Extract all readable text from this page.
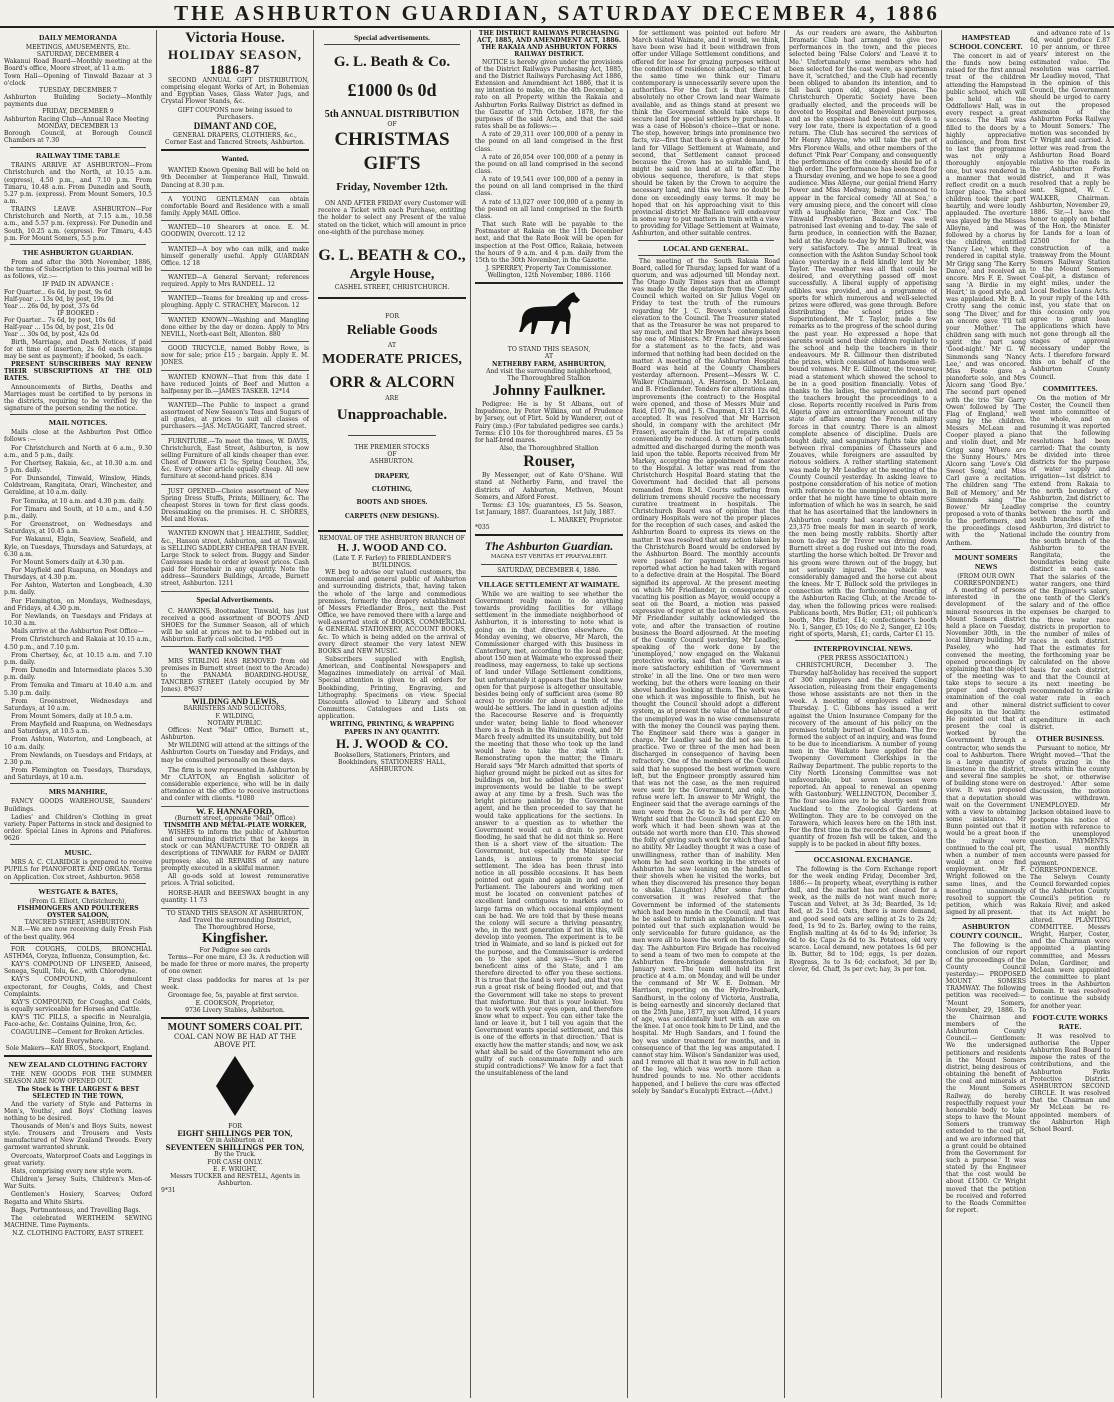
THE ASHBURTON GUARDIAN, SATURDAY DECEMBER 4, 1886
DAILY MEMORANDA
MEETINGS, AMUSEMENTS, Etc.
SATURDAY, DECEMBER 4
Wakanui Road Board—Monthly meeting at the Board's office, Moore street, at 11 a.m.
Town Hall—Opening of Tinwald Bazaar at 3 o'clock
TUESDAY, DECEMBER 7
Ashburton Building Society—Monthly payments due
FRIDAY, DECEMBER 9
Ashburton Racing Club—Annual Race Meeting
MONDAY, DECEMBER 13
Borough Council, at Borough Council Chambers at 7.30
RAILWAY TIME TABLE

TRAINS ARRIVE AT ASHBURTON—From Christchurch and the North, at 10.15 a.m. (express), 4.50 p.m., and 7.10 p.m. From Timaru, 10.48 a.m. From Dunedin and South, 5.27 p.m. (express). From Mount Somers, 10.5 a.m.

TRAINS LEAVE ASHBURTON—For Christchurch and North, at 7.15 a.m., 10.58 a.m., and 5.57 p.m. (express). For Dunedin and South, 10.25 a.m. (express). For Timaru, 4.45 p.m. For Mount Somers, 5.5 p.m.

THE ASHBURTON GUARDIAN.

From and after the 30th November, 1886, the terms of Subscription to this journal will be as follows, viz.:—

IF PAID IN ADVANCE :
For Quarter... 6s 6d, by post, 9s 6d
Half-year ... 13s 0d, by post, 19s 0d
Year ... 26s 0d, by post, 37s 6d
IF BOOKED :
For Quarter... 7s 6d, by post, 10s 6d
Half-year ... 15s 0d, by post, 21s 0d
Year ... 30s 0d, by post, 42s 0d

Birth, Marriage, and Death Notices, if paid for at time of insertion, 2s 6d each (stamps may be sent as payment); if booked, 5s each.

PRESENT SUBSCRIBERS MAY RENEW THEIR SUBSCRIPTIONS AT THE OLD RATES.

Announcements of Births, Deaths and Marriages must be certified to by persons in the districts, requiring to be verified by the signature of the person sending the notice.

MAIL NOTICES.

Mails close at the Ashburton Post Office follows :—

For Christchurch and North at 6 a.m., 9.30 a.m., and 5 p.m., daily.

For Chertsey, Rakaia, &c., at 10.30 a.m. and 5 p.m. daily.

For Dunsandel, Tinwald, Winslow, Hinds, Coldstream, Rangitata, Orari, Winchester, and Geraldine, at 10 a.m. daily.

For Temuka, at 10 a.m. and 4.30 p.m. daily.

For Timaru and South, at 10 a.m., and 4.50 p.m., daily.

For Greenstreet, on Wednesdays and Saturdays, at 10.45 a.m.

For Wakanui, Elgin, Seaview, Seafield, and Kyle, on Tuesdays, Thursdays and Saturdays, at 6.30 a.m.

For Mount Somers daily at 4.30 p.m.

For Mayfield and Ruapuna, on Mondays and Thursdays, at 4.30 p.m.

For Ashton, Waterton and Longbeach, 4.30 p.m. daily.

For Flemington, on Mondays, Wednesdays, and Fridays, at 4.30 p.m.

For Newlands, on Tuesdays and Fridays at 10.30 a.m.

Mails arrive at the Ashburton Post Office—

From Christchurch and Rakaia at 10.15 a.m., 4.50 p.m., and 7.10 p.m.

From Chertsey, &c, at 10.15 a.m. and 7.10 p.m. daily.

From Dunedin and Intermediate places 5.30 p.m. daily.

From Temuka and Timaru at 10.40 a.m. and 5.30 p.m. daily.

From Greenstreet, Wednesdays and Saturdays, at 10 a.m.

From Mount Somers, daily at 10.5 a.m.

From Mayfield and Ruapuna, on Wednesdays and Saturdays, at 10.5 a.m.

From Ashton, Waterton, and Longbeach, at 10 a.m. daily.

From Newlands, on Tuesdays and Fridays, at 2.30 p.m.

From Flemington on Tuesdays, Thursdays, and Saturdays, at 10 a.m.

MRS MANHIRE,

FANCY GOODS WAREHOUSE, Saunders' Buildings.

Ladies' and Children's Clothing in great variety. Paper Patterns in stock and designed to order. Special Lines in Aprons and Pinafores. 9626

MUSIC.

MRS A. C. CLARIDGE is prepared to receive PUPILS for PIANOFORTE AND ORGAN. Terms on Application. Cox street, Ashburton. 9658

WESTGATE & BATES,
(From G. Elliott, Christchurch),
FISHMONGERS AND POULTERERS OYSTER SALOON,
TANCRED STREET, ASHBURTON.

N.B.—We are now receiving daily Fresh Fish of the best quality. 964

FOR COUGHS, COLDS, BRONCHIAL ASTHMA, Coryza, Influenza, Consumption, &c.

KAY'S COMPOUND OF LINSEED, Aniseed, Senega, Squill, Tolu, &c., with Chlorodyne.

KAY'S COMPOUND, a demulcent expectorant, for Coughs, Colds, and Chest Complaints.

KAY'S COMPOUND, for Coughs, and Colds, is equally serviceable for Horses and Cattle.

KAY'S TIC PILLS, a specific in Neuralgia, Face-ache, &c. Contains Quinine, Iron, &c.

COAGULINE—Cement for Broken Articles.

Sold Everywhere.
Sole Makers—KAY BROS., Stockport, England.
NEW ZEALAND CLOTHING FACTORY

THE NEW GOODS FOR THE SUMMER SEASON ARE NOW OPENED OUT.

The Stock is THE LARGEST & BEST SELECTED IN THE TOWN,

And the variety of Style and Patterns in Men's, Youths', and Boys' Clothing leaves nothing to be desired.

Thousands of Men's and Boys Suits, newest style. Trousers and Trousers and Vests manufactured of New Zealand Tweeds. Every garment warranted shrunk.

Overcoats, Waterproof Coats and Leggings in great variety.

Hats, comprising every new style worn.

Children's Jersey Suits, Children's Men-of-War Suits.

Gentlemen's Hosiery, Scarves; Oxford Regatta and White Shirts.

Bags, Portmanteaus, and Travelling Bags.

The celebrated WERTHEIM SEWING MACHINE. Time Payments.

N.Z. CLOTHING FACTORY, EAST STREET.
Victoria House.
HOLIDAY SEASON, 1886-87

SECOND ANNUAL GIFT DISTRIBUTION, comprising elegant Works of Art, in Bohemian and Egyptian Vases, Glass Water Jugs, and Crystal Flower Stands, &c.

GIFT COUPONS now being issued to Purchasers.
DIMANT AND COE,
GENERAL DRAPERS, CLOTHIERS, &c.,
Corner East and Tancred Streets, Ashburton.
Wanted.

WANTED Known Opening Ball will be held on 9th December at Temperance Hall, Tinwald. Dancing at 8.30 p.m.

A YOUNG GENTLEMAN can obtain comfortable Board and Residence with a small family. Apply MAIL Office.

WANTED—10 Shearers at once. E. M. GOODWIN, Overcott. 12 12

WANTED—A boy who can milk, and make himself generally useful. Apply GUARDIAN Office. 12 18

WANTED—A General Servant; references required. Apply to Mrs RANDELL. 12

WANTED—Teams for breaking up and cross-ploughing. Apply C. STRACHEY, Marecon. 12

WANTED KNOWN—Washing and Mangling done either by the day or dozen. Apply to Mrs NEVILL, North-east Belt, Allenton. 880

GOOD TRICYCLE, named Bobby Rowe, is now for sale; price £15 ; bargain. Apply E. M. JONES.

WANTED KNOWN—That from this date I have reduced Joints of Beef and Mutton a halfpenny per lb.—JAMES TASKER. 12*14

WANTED—The Public to inspect a grand assortment of New Season's Teas and Sugars of all grades, at prices to suit all classes of purchasers.—JAS. McTAGGART, Tancred street.

FURNITURE.—To meet the times, W. DAVIS, Christchurch, East Street, Ashburton, is now selling Furniture of all kinds cheaper than ever. Chest of Drawers £1 5s; Spring Couches, 35s, &c. Every other article equally cheap. All new furniture at second-hand prices. 834

JUST OPENED—Choice assortment of New Spring Dress Stuffs, Prints, Millinery, &c. The cheapest Stores in town for first class goods. Dressmaking on the premises. H. C. SHORES, Mel and Hovas.

WANTED KNOWN that J. HEALTHIE, Saddler, &c., Hanson street, Ashburton, and at Tinwald, is SELLING SADDLERY CHEAPER THAN EVER. Large Stock to select from. Buggy and Sinder Canvasses made to order at lowest prices. Cash paid for Horsehair in any quantity. Note the address—Saunders Buildings, Arcade, Burnett street, Ashburton. 1211

Special Advertisements.

C. HAWKINS, Bootmaker, Tinwald, has just received a good assortment of BOOTS AND SHOES for the Summer Season, all of which will be sold at prices not to be rubbed out in Ashburton. Early call solicited. 1*95

WANTED KNOWN THAT

MRS STIRLING HAS REMOVED from old premises in Burnett street (next to the Arcade) to the PANAMA BOARDING-HOUSE, TANCRED STREET (Lately occupied by Mr Jones). 8*637

WILDING AND LEWIS,
BARRISTERS AND SOLICITORS,
F. WILDING,
NOTARY PUBLIC.

Offices: Next "Mail" Office, Burnett st., Ashburton.

Mr WILDING will attend at the sittings of the Ashburton Courts on Tuesday and Fridays, and may be consulted personally on these days.

The firm is now represented in Ashburton by Mr CLAYTON, an English solicitor of considerable experience, who will be in daily attendance at the office to receive instructions and confer with clients. *1080

W. F. HANNAFORD,
(Burnett street, opposite "Mail" Office)
TINSMITH AND METAL-PLATE WORKER,

WISHES to inform the public of Ashburton and surrounding districts that he keeps in stock or can MANUFACTURE TO ORDER all descriptions of TINWARE for FARM or DAIRY purposes; also, all REPAIRS of any nature promptly executed in a skilful manner.

All go-ods sold at lowest remunerative prices. A Trial solicited.

HORSE-HAIR and BEESWAX bought in any quantity. 11 73

TO STAND THIS SEASON AT ASHBURTON,
And Travel the surrounding District,
The Thoroughbred Horse,
Kingfisher.
For Pedigree see cards

Terms—For one mare, £3 3s. A reduction will be made for three or more mares, the property of one owner.

First class paddocks for mares at 1s per week.

Groomage fee, 5s, payable at first service.

E. COOKSON, Proprietor,
9736 Livery Stables, Ashburton.
MOUNT SOMERS COAL PIT.
COAL CAN NOW BE HAD AT THE ABOVE PIT.
FOR
EIGHT SHILLINGS PER TON,
Or in Ashburton at
SEVENTEEN SHILLINGS PER TON,
By the Truck.
FOR CASH ONLY.
E. F. WRIGHT,
Messrs TUCKER and RESTELL, Agents in Ashburton.
9*31
Special advertisements.
G. L. Beath & Co.
£1000 0s 0d
5th ANNUAL DISTRIBUTION
OF
CHRISTMAS GIFTS
Friday, November 12th.

ON AND AFTER FRIDAY every Customer will receive a Ticket with each Purchase, entitling the holder to select any Present of the value stated on the ticket, which will amount in price one-eighth of the purchase money.

G. L. BEATH & CO.,
Argyle House,
CASHEL STREET, CHRISTCHURCH.
FOR
Reliable Goods
AT
MODERATE PRICES,
ORR & ALCORN
ARE
Unapproachable.
THE PREMIER STOCKS
OF
ASHBURTON.
DRAPERY,
CLOTHING,
BOOTS AND SHOES.
CARPETS (NEW DESIGNS).
REMOVAL OF THE ASHBURTON BRANCH OF
H. J. WOOD AND CO.
(Late T. F. Farley) to FRIEDLANDER'S BUILDINGS.

WE beg to advise our valued customers, the commercial and general public of Ashburton and surrounding districts, that, having taken the whole of the large and commodious premises, formerly the drapery establishment of Messrs Friedlander Bros., next the Post Office, we have removed there with a large and well-assorted stock of BOOKS, COMMERCIAL & GENERAL STATIONERY, ACCOUNT BOOKS, &c. To which is being added on the arrival of every direct steamer the very latest NEW BOOKS and NEW MUSIC.

Subscribers supplied with English, American, and Continental Newspapers and Magazines immediately on arrival of Mail. Special attention is given to all orders for Bookbinding, Printing, Engraving, and Lithography. Specimens on view. Special Discounts allowed to Library and School Committees. Catalogues and Lists on application.

WRITING, PRINTING, & WRAPPING PAPERS IN ANY QUANTITY.
H. J. WOOD & CO.
Booksellers, Stationers, Printers, and Bookbinders, STATIONERS' HALL, ASHBURTON.
THE DISTRICT RAILWAYS PURCHASING ACT, 1885, AND AMENDMENT ACT, 1886.
THE RAKAIA AND ASHBURTON FORKS RAILWAY DISTRICT.

NOTICE is hereby given under the provisions of the District Railways Purchasing Act, 1885, and the District Railways Purchasing Act 1886, Extension and Amendment Act 1886, that it is my intention to make, on the 4th December, a rate on all Property within the Rakaia and Ashburton Forks Railway District as defined in the Gazette of 17th October, 1878, for the purposes of the said Acts, and that the said rates shall be as follows:—

A rate of 29,311 over 100,000 of a penny in the pound on all land comprised in the first class.

A rate of 26,054 over 100,000 of a penny in the pound on all land comprised in the second class.

A rate of 19,541 over 100,000 of a penny in the pound on all land comprised in the third class.

A rate of 13,027 over 100,000 of a penny in the pound on all land comprised in the fourth class.

That such Rate will be payable to the Postmaster at Rakaia on the 11th December next, and that the Rate Book will be open for inspection at the Post Office, Rakaia, between the hours of 9 a.m. and 4 p.m. daily from the 15th to the 30th November, in the Gazette.

J. SPERREY, Property Tax Commissioner. Wellington, 12th November, 1886. 1166
TO STAND THIS SEASON,
AT
NETHERBY FARM, ASHBURTON,
And visit the surrounding neighborhood,
The Thoroughbred Stallion
Johnny Faulkner.

Pedigree: He is by St Albans, out of Impudence, by Peter Wilkins, out of Prudence by Jersey, out of Flirt. Sold by Wanderer, out of Fairy (imp.) (For tabulated pedigree see cards.) Terms: £10 10s for thoroughbred mares. £5 5s for half-bred mares.

Also, the Thoroughbred Stallion
Rouser,

By Messenger, out of Kate O'Shane. Will stand at Netherby Farm, and travel the districts of Ashburton, Methven, Mount Somers, and Alford Forest.

Terms: £3 10s; guarantees, £5 5s. Season, 1st January, 1887. Guarantees, 1st July, 1887.

L. MARKEY, Proprietor.
*035
The Ashburton Guardian.
MAGNA EST VERITAS ET PRAEVALEBIT.
SATURDAY, DECEMBER 4, 1886.
VILLAGE SETTLEMENT AT WAIMATE.

While we are waiting to see whether the Government really mean to do anything towards providing facilities for village settlement in the immediate neighborhood of Ashburton, it is interesting to note what is going on in that direction elsewhere. On Monday evening, we observe, Mr March, the Commissioner charged with this business in Canterbury, met, according to the local paper, about 150 men at Waimate who expressed their readiness, may eagerness, to take up sections of land under Village Settlement conditions, but unfortunately it appears that the block now open for that purpose is altogether unsuitable, besides being only of sufficient area (some 80 acres) to provide for about a tenth of the would-be settlers. The land in question adjoins the Racecourse Reserve and is frequently under water, being liable to flood whenever there is a fresh in the Waimate creek, and Mr March freely admitted its unsuitability, but told the meeting that those who took up the land would have to take the risk with it. Remonstrating upon the matter, the Timaru Herald says "Mr March admitted that sports of higher ground might be picked out as sites for buildings on, but he added that the settlers' improvements would be liable to be swept away at any time by a fresh. Such was the bright picture painted by the Government agent, and he then proceeded to say that he would take applications for the sections. In answer to a question as to whether the Government would cut a drain to prevent flooding, he said that he did not think so. Here then is a short view of the situation: The Government, but especially the Minister for Lands, is anxious to promote special settlement. The idea has been thrust into notice in all possible occasions. It has been pointed out again and again in and out of Parliament. The labourers and working men must be located on convenient patches of excellent land contiguous to markets and to large farms on which occasional employment can be had. We are told that by these means the colony will secure a thriving peasantry, who, in the next generation if not in this, will develop into yeomen. The experiment is to be tried in Waimate, and so land is picked out for the purpose, and the Commissioner is ordered on to the spot and says—'Such are the beneficent aims of the State, and I am therefore directed to offer you these sections. It is true that the land is very bad, and that you run a great risk of being flooded out, and that the Government will take no steps to prevent that misfortune. But that is your lookout. You go to work with your eyes open, and therefore know what to expect. You can either take the land or leave it, but I tell you again that the Government wants special settlement, and this is one of the efforts in that direction.' That is exactly how the matter stands; and now, we ask what shall be said of the Government who are guilty of such consummate folly and such stupid contradictions?' We know for a fact that the unsuitableness of the land

for settlement was pointed out before Mr March visited Waimate, and it would, we think, have been wise had it been withdrawn from offer under Village Settlement conditions, and offered for lease for grazing purposes without the condition of residence attached, so that at the same time we think our Timaru contemporary is unnecessarily severe upon the authorities. For the fact is that there is absolutely no other Crown land near Waimate available, and as things stand at present we think the Government should take steps to secure land for special settlers by purchase. It was a case of Hobson's choice—that or none. The step, however, brings into prominence two facts, viz—first that there is a great demand for land for Village Settlement at Waimate, and second, that Settlement cannot proceed because the Crown has no suitable land, it might be said no land at all to offer. The obvious sequence, therefore, is that steps should be taken by the Crown to acquire the necessary land, and this we have no doubt be done on exceedingly easy terms. It may be hoped that on his approaching visit to this provincial district Mr Ballance will endeavour in some way to put matters in train with a view to providing for Village Settlement at Waimate, Ashburton, and other suitable centres.

LOCAL AND GENERAL.

The meeting of the South Rakaia Road Board, called for Thursday, lapsed for want of a quorum, and was adjourned till Monday next. The Otago Daily Times says that an attempt was made by the deputation from the County Council which waited on Sir Julius Vogel on Friday to test the truth of the rumours regarding Mr J. C. Brown's contemplated elevation to the Council. The Treasurer stated that as the Treasurer he was not prepared to say much, and that Mr Brown had always been the one of Ministers. Mr Fraser then pressed for a statement as to the facts, and was informed that nothing had been decided on the matter. A meeting of the Ashburton Hospital Board was held at the County Chambers yesterday afternoon. Present—Messrs W. C. Walker (Chairman), A. Harrison, D. McLean, and B. Friedlander. Tenders for alterations and improvements (the contract) to the Hospital were opened, and those of Messrs Muir and Reid, £107 0s, and J. S. Chapman, £131 12s 6d, accepted. It was resolved that Mr Harrison should, in company with the architect (Mr Fraser), ascertain if the list of repairs could conveniently be reduced. A return of patients admitted and discharged during the month was laid upon the table. Reports received from Mr Markey, accepting the appointment of master to the Hospital. A letter was read from the Christchurch Hospital Board stating that the Government had decided that all persons remanded from R.M. Courts suffering from delirium tremens should receive the necessary curative treatment in hospitals. The Christchurch Board was of opinion that the ordinary Hospitals were not the proper places for the reception of such cases, and asked the Ashburton Board to express its views on the matter. It was resolved that any action taken by the Christchurch Board would be endorsed by the Ashburton Board. The monthly accounts were passed for payment. Mr Harrison reported what action he had taken with regard to a defective drain at the Hospital. The Board signified its approval. At the present meeting on which Mr Friedlander, in consequence of vacating his position as Mayor, would occupy a seat on the Board, a motion was passed expressive of regret at the loss of his services. Mr Friedlander suitably acknowledged the vote, and after the transaction of routine business the Board adjourned. At the meeting of the County Council yesterday, Mr Leadley, speaking of the work done by the 'unemployed,' now engaged on the Wakanui protective works, said that the work was a more satisfactory exhibition of 'Government stroke' in all the line. One or two men were working, but the others were leaning on their shovel handles looking at them. The work was one which it was impossible to finish, but he thought the Council should adopt a different system, as at present the value of the labour of the unemployed was in no wise commensurate with the money the Council was paying them. The Engineer said there was a ganger in charge. Mr Leadley said he did not see it in practice. Two or three of the men had been discharged in consequence of having been refractory. One of the members of the Council said that he supposed the best workmen were left, but the Engineer promptly assured him that was not the case, as the men required were sent by the Government, and only the refuse were left. In answer to Mr Wright, the Engineer said that the average earnings of the men were from 2s 6d to 3s 6d per day. Mr Wright said that the Council had spent £20 on work which it had been shown was at the outside not worth more than £10. This showed the folly of giving such work for which they had no ability. Mr Leadley thought it was a case of unwillingness, rather than of inability. Men whom he had seen working in the streets of Ashburton he saw leaning on the handles of their shovels when he visited the works, but when they discovered his presence they began to shake. (Laughter.) After some further conversation it was resolved that the Government be informed of the statements which had been made in the Council, and that he be asked to furnish an explanation. It was pointed out that such explanation would be only serviceable for future guidance, as the men were all to leave the work on the following day. The Ashburton Fire Brigade has received to send a team of two men to compete at the Ashburton fire-brigade demonstration in January next. The team will hold its first practice at 4 a.m. on Monday, and will be under the command of Mr W. E. Dolman. Mr Harrison, reporting on the Hydro-Ironbark, Sandhurst, in the colony of Victoria, Australia, is being earnestly and sincerely declared that on the 25th June, 1877, my son Alfred, 14 years of age, was accidentally hurt with an axe on the knee. I at once took him to Dr Lind, and the hospital. Mr Hugh Sandars, and I found the boy was under treatment for months, and in consequence of that the leg was amputated. I cannot stay him. Wilson's Sandanizer was used, and I remove all that it was now in full action of the leg, which was worth more than a hundred pounds to me. No other accidents happened, and I believe the cure was effected solely by Sandar's Eucalypti Extract.—(Advt.)

As our readers are aware, the Ashburton Dramatic Club had arranged to give two performances in the town, and the pieces selected being 'False Colors' and 'Leave it to Me.' Unfortunately some members who had been selected for the cast were, as sportsmen have it, 'scratched,' and the Club had recently been obliged to abandon its intention, and to fall back upon old, staged pieces. The Christchurch Operatic Society have been gradually elected, and the proceeds will be devoted to Hospital and Benevolent purposes, and as the expenses had been cut down to a very low rate, there is expectation of a good return. The Club has secured the services of Mr Henry Alleyne, who will take the part of Mrs Florence Walls, and other members of the defunct 'Pink Pear' Company, and consequently the performance of the comedy should be of a high order. The performance has been fixed for a Thursday evening, and we hope to see a good audience. Miss Alleyne, our genial friend Harry Power and Miss Medway, being announced to appear in the farcical comedy 'All at Sea,' a very amusing piece, and the concert will close with a laughable farce, 'Box and Cox.' The Tinwald Presbyterian Bazaar was well patronised last evening and to-day. The sale of farm produce, in connection with the Bazaar, held at the Arcade to-day by Mr T. Bullock, was very satisfactory. The annual treat in connection with the Ashton Sunday School took place yesterday in a field kindly lent by Mr Taylor. The weather was all that could be desired, and everything passed off most successfully. A liberal supply of appetising edibles was provided, and a programme of sports for which numerous and well-selected prizes were offered, was gone through. Before distributing the school prizes the Superintendent, Mr T. Taylor, made a few remarks as to the progress of the school during the past year. He expressed a hope that parents would send their children regularly to the school and help the teachers in their endeavours. Mr R. Gillmour then distributed the prizes, which consisted of handsome well-bound volumes. Mr E. Gillmour, the treasurer, read a statement which showed the school to be in a good position financially. Votes of thanks to the ladies, the superintendent, and the teachers brought the proceedings to a close. Reports recently received in Paris from Algeria gave an extraordinary account of the state of affairs among the French military forces in that country. There is an almost complete absence of discipline. Duels are fought daily, and sanguinary fights take place between rival companies of Chasseurs and Zouaves, while foreigners are assaulted by riotous soldiers. A rather startling statement was made by Mr Leadley at the meeting of the County Council yesterday. In asking leave to postpone consideration of his notice of motion with reference to the unemployed question, in order that he might have time to obtain more information of which he was in search, he said that he has ascertained that the landowners in Ashburton county had scarcely to provide 23,375 free meals for men in search of work, the men being mostly rabbits. Shortly after noon to-day as Dr Trevor was driving down Burnett street a dog rushed out into the road, startling the horse which bolted. Dr Trevor and his groom were thrown out of the buggy, but not seriously injured. The vehicle was considerably damaged and the horse cut about the knees. Mr T. Bullock sold the privileges in connection with the forthcoming meeting of the Ashburton Racing Club, at the Arcade to-day, when the following prices were realised: Publicans booth, Mrs Butler, £31; oil publican's booth, Mrs Butler, £14; confectioner's booth No. 1, Sanger, £5 10s; do No 2, Sanger, £2 10s; right of sports, Marsh, £1; cards, Carter £1 15.

INTERPROVINCIAL NEWS.
(PER PRESS ASSOCIATION.)

CHRISTCHURCH, December 3. The Thursday half-holiday has received the support of 300 employers and the Early Closing Association, releasing from their engagements those whose assistants are not then in the week. A meeting of employers called for Thursday. J. C. Gibbons has issued a writ against the Union Insurance Company for the recovery of the amount of his policy on the premises totally burned at Cookham. The fire formed the subject of an inquiry, and was found to be due to incendiarism. A number of young men in the Waikato have applied for the Twopenny Government Clerkships in the Railway Department. The public reports to the City North Licensing Committee was not unfavourable, but seven licenses were reported. An appeal to renewal an opening with Gastonbury. WELLINGTON, December 3. The four sea-lions are to be shortly sent from Auckland to the Zoological Gardens at Wellington. They are to be conveyed on the Tarawera, which leaves here on the 18th inst. For the first time in the records of the Colony, a quantity of frozen fish will be taken, and the supply is to be packed in about fifty boxes.

OCCASIONAL EXCHANGE.

The following is the Corn Exchange report for the week ending Friday, December 3rd, 1886:— In property, wheat, everything is rather dull, and the market has not cleared for a week, as the mills do not want much more; Tuscan and Velvet, at 3s 3d; Bearded, 3s 1d; Red, at 2s 11d. Oats, there is more demand, and good seed oats are selling at 2s to 2s 2d; feed, 1s 9d to 2s. Barley, owing to the rains, English malting at 4s 6d to 4s 9d; inferior, 3s 6d to 4s; Cape 2s 6d to 3s. Potatoes, old very scarce. Local demand, new potatoes 1s 6d per lb. Butter, 8d to 10d; eggs, 1s per dozen. Ryegrass, 3s to 3s 6d; cocksfoot, 3d per lb; clover, 6d. Chaff, 3s per cwt; hay, 3s per ton.

HAMPSTEAD SCHOOL CONCERT.

The concert in aid of the funds now being raised for the first annual treat of the children attending the Hampstead public school, which will be held at the Oddfellows' Hall, was in every respect a great success. The Hall was filled to the doors by a highly appreciative audience, and from first to last the programme was not only a thoroughly enjoyable one, but was rendered in a manner that would reflect credit on a much larger place. The school children took their part heartily, and were loudly applauded. The overture was played by the Misses Alleyne, and was followed by a chorus by the children, entitled 'Nancy Lee,' which they rendered in capital style. Mr Grigg sang 'The Kerry Dance,' and received an encore. Mrs F. E. Sweet sang 'A Birdie in my Heart,' in good style, and was applauded. Mr B. A. Crotty sang the comic song 'The Diver,' and for an encore gave 'I'll tell your Mother.' The children sang with much spirit the part song 'Good-night.' Mr G. W. Simmonds sang 'Nancy Lee,' and was encored. Miss Foote gave a pianoforte solo, and Mrs Alcorn sang 'Good Bye.' The second part opened with the trio 'Sir Garry Owen' followed by 'The Flag of England,' well sung by the children. Messrs McLean and Cooper played a piano and violin duet, and Mr Grigg sang 'Where are the Sunny Hours.' Mrs Alcorn sang 'Love's Old Sweet Song,' and Miss Carl gave a recitation. The children sang 'The Bell of Memory,' and Mr Simmonds sang 'The Bower.' Mr Leadley proposed a vote of thanks to the performers, and the proceedings closed with the National Anthem.

MOUNT SOMERS NEWS
(FROM OUR OWN CORRESPONDENT.)

A meeting of persons interested in the development of the mineral resources in the Mount Somers district held a place on Tuesday, November 30th, in the local library building. Mr Paseley, who had convened the meeting, opened proceedings by explaining that the object of the meeting was to take steps to secure a proper and thorough examination of the coal and other mineral deposits in the locality. He pointed out that at present the coal is worked by the Government through a contractor, who sends the coal to Ashburton. There is a large quantity of limestone in the district, and several fine samples of building stone were on view. It was proposed that a deputation should wait on the Government with a view to obtaining some assistance. Mr Bunn pointed out that it would be a great boon if the railway were continued to the coal pit, when a number of men would at once find employment. Mr F. Wright followed on the same lines, and the meeting unanimously resolved to support the petition, which was signed by all present.

ASHBURTON COUNTY COUNCIL.

The following is the conclusion of our report of the proceedings of the County Council yesterday:— PROPOSED MOUNT SOMERS TRAMWAY. The following petition was received:— 'Mount Somers, November, 29, 1886. To the Chairman and members of the Ashburton County Council.— Gentlemen: We the undersigned petitioners and residents in the Mount Somers district, being desirous of obtaining the benefit of the coal and minerals at the Mount Somers Railway, do hereby respectfully request your honorable body to take steps to have the Mount Somers tramway extended to the coal pit, and we are informed that a grant could be obtained from the Government for such a purpose.' It was stated by the Engineer that the cost would be about £1500. Cr Wright moved that the petition be received and referred to the Roads Committee for report.

and advance rate of 1s 6d, would produce £.87 10 per annum, or three years' interest on the estimated value. The resolution was carried. Mr Leadley moved, 'That in the opinion of this Council, the Government should be urged to carry out the proposed extension of the Ashburton Forks Railway to Mount Somers.' The motion was seconded by Cr Wright and carried. A letter was read from the Ashburton Road Board relative to the roads in the Ashburton Forks district, and it was resolved that a reply be sent. Signed, W. C. WALKER, Chairman. Ashburton, November 29, 1886. Sir,—I have the honor to apply on behalf of the Hon. the Minister for Lands for a loan of £2500 for the construction of a tramway from the Mount Somers Railway Station to the Mount Somers Coal-pit, a distance of eight miles, under the Local Bodies Loans Acts. In your reply of the 14th inst, you state that on this occasion only you agree to grant loan applications which have not gone through all the stages of approval necessary under the Acts. I therefore forward this on behalf of the Ashburton County Council.

COMMITTEES.

On the motion of Mr Coster, the Council then went into committee of the whole, and on resuming it was reported that the following resolutions had been carried: That the county be divided into three districts for the purpose of water supply and irrigation—1st district to extend from Rakaia to the north boundary of Ashburton, 2nd district to comprise the country between the north and south branches of the Ashburton, 3rd district to include the country from the south branch of the Ashburton to the Rangitata, the boundaries being quite distinct in each case. That the salaries of the water rangers, one third of the Engineer's salary, one tenth of the Clerk's salary and of the office expenses be charged to the three water race districts in proportion to the number of miles of races in each district. That the estimates for the forthcoming year be calculated on the above basis for each district, and that the Council at its next meeting be recommended to strike a water rate in each district sufficient to cover the estimated expenditure in each district.

OTHER BUSINESS.

Pursuant to notice, Mr Wright moved—'That the goats grazing in the streets within the county be shot, or otherwise destroyed.' After some discussion, the motion was withdrawn. UNEMPLOYED. Mr Jackson obtained leave to postpone his notice of motion with reference to the unemployed question. PAYMENTS. The usual monthly accounts were passed for payment. CORRESPONDENCE. The Selwyn County Council forwarded copies of the Ashburton County Council's petition re Rakaia River, and asked that its Act might be altered. PLANTING COMMITTEE. Messrs Wright, Harper, Coster, and the Chairman were appointed a planting committee, and Messrs Dolan, Gardiner, and McLean were appointed the committee to plant trees in the Ashburton Domain. It was resolved to continue the subsidy for another year.

FOOT-CUTE WORKS RATE.

It was resolved to authorise the Upper Ashburton Road Board to impose the rates of the contributions, and the Ashburton Forks Protective District. ASHBURTON SECOND CIRCLE. It was resolved that the Chairman and Mr McLean be re-appointed members of the Ashburton High School Board.
